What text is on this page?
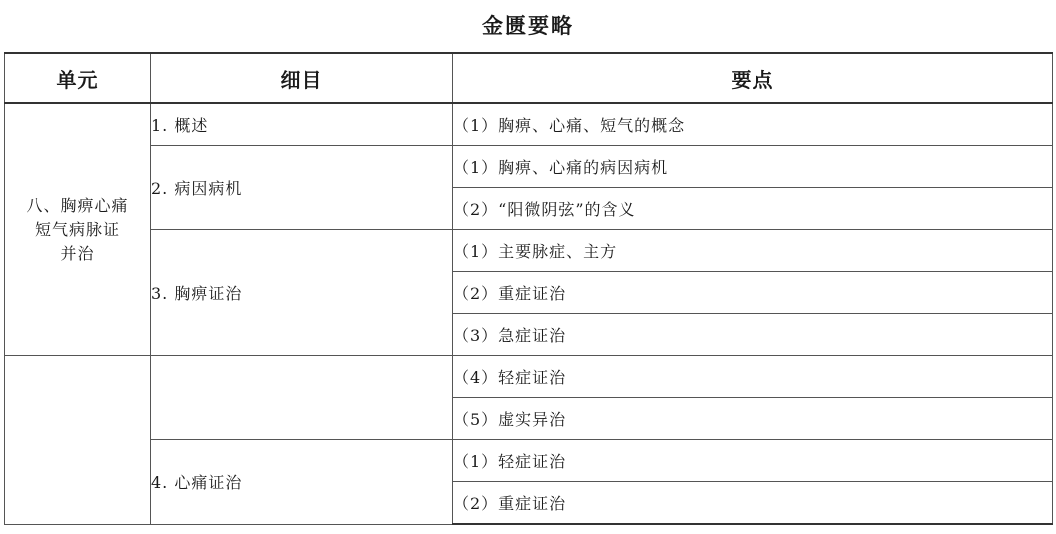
金匮要略
单元	细目	要点

八、胸痹心痛
短气病脉证
并治	1. 概述	（1）胸痹、心痛、短气的概念
	2. 病因病机	（1）胸痹、心痛的病因病机
		（2）“阳微阴弦”的含义
	3. 胸痹证治	（1）主要脉症、主方
		（2）重症证治
		（3）急症证治
		（4）轻症证治
		（5）虚实异治
	4. 心痛证治	（1）轻症证治
		（2）重症证治
